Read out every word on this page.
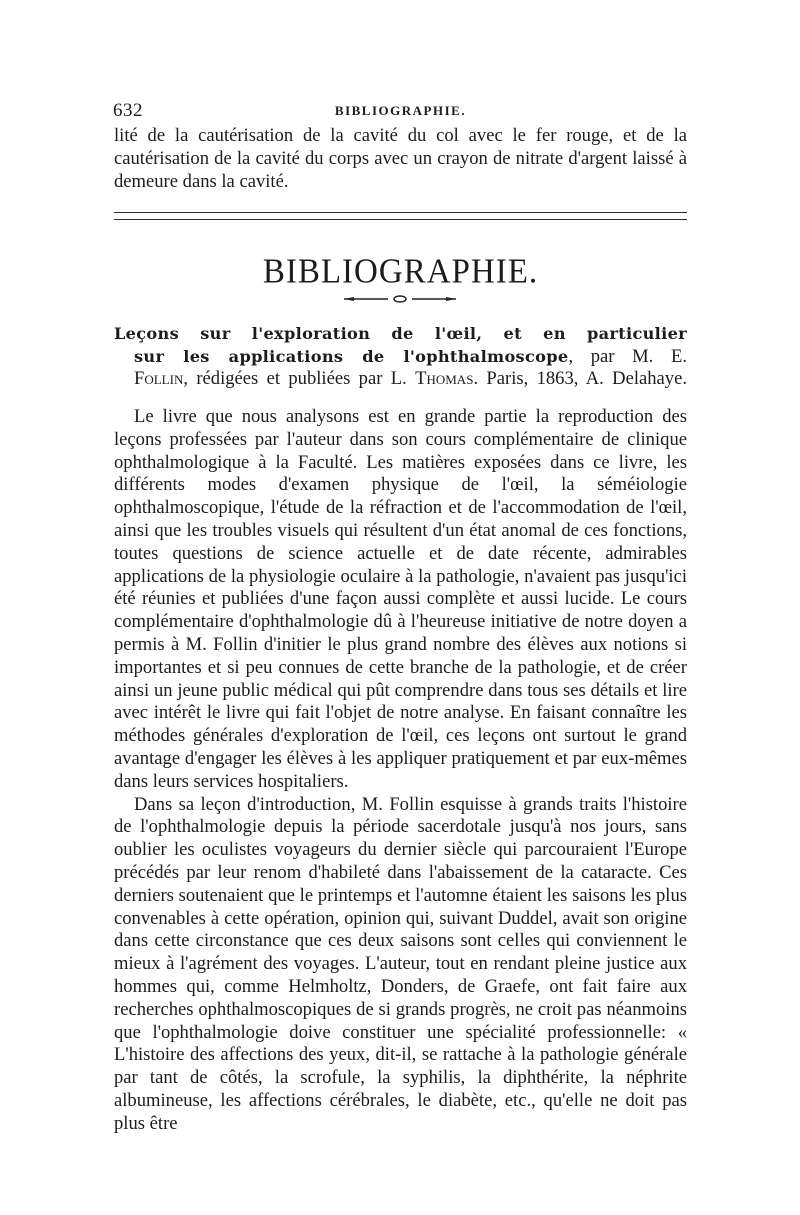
632	BIBLIOGRAPHIE.

lité de la cautérisation de la cavité du col avec le fer rouge, et de la cautérisation de la cavité du corps avec un crayon de nitrate d'argent laissé à demeure dans la cavité.

BIBLIOGRAPHIE.
Leçons sur l'exploration de l'œil, et en particulier
sur les applications de l'ophthalmoscope, par M. E.
Follin, rédigées et publiées par L. Thomas. Paris, 1863, A. Delahaye.

Le livre que nous analysons est en grande partie la reproduction des leçons professées par l'auteur dans son cours complémentaire de clinique ophthalmologique à la Faculté. Les matières exposées dans ce livre, les différents modes d'examen physique de l'œil, la séméiologie ophthalmoscopique, l'étude de la réfraction et de l'accommodation de l'œil, ainsi que les troubles visuels qui résultent d'un état anomal de ces fonctions, toutes questions de science actuelle et de date récente, admirables applications de la physiologie oculaire à la pathologie, n'avaient pas jusqu'ici été réunies et publiées d'une façon aussi complète et aussi lucide. Le cours complémentaire d'ophthalmologie dû à l'heureuse initiative de notre doyen a permis à M. Follin d'initier le plus grand nombre des élèves aux notions si importantes et si peu connues de cette branche de la pathologie, et de créer ainsi un jeune public médical qui pût comprendre dans tous ses détails et lire avec intérêt le livre qui fait l'objet de notre analyse. En faisant connaître les méthodes générales d'exploration de l'œil, ces leçons ont surtout le grand avantage d'engager les élèves à les appliquer pratiquement et par eux-mêmes dans leurs services hospitaliers.

Dans sa leçon d'introduction, M. Follin esquisse à grands traits l'histoire de l'ophthalmologie depuis la période sacerdotale jusqu'à nos jours, sans oublier les oculistes voyageurs du dernier siècle qui parcouraient l'Europe précédés par leur renom d'habileté dans l'abaissement de la cataracte. Ces derniers soutenaient que le printemps et l'automne étaient les saisons les plus convenables à cette opération, opinion qui, suivant Duddel, avait son origine dans cette circonstance que ces deux saisons sont celles qui conviennent le mieux à l'agrément des voyages. L'auteur, tout en rendant pleine justice aux hommes qui, comme Helmholtz, Donders, de Graefe, ont fait faire aux recherches ophthalmoscopiques de si grands progrès, ne croit pas néanmoins que l'ophthalmologie doive constituer une spécialité professionnelle: « L'histoire des affections des yeux, dit-il, se rattache à la pathologie générale par tant de côtés, la scrofule, la syphilis, la diphthérite, la néphrite albumineuse, les affections cérébrales, le diabète, etc., qu'elle ne doit pas plus être
